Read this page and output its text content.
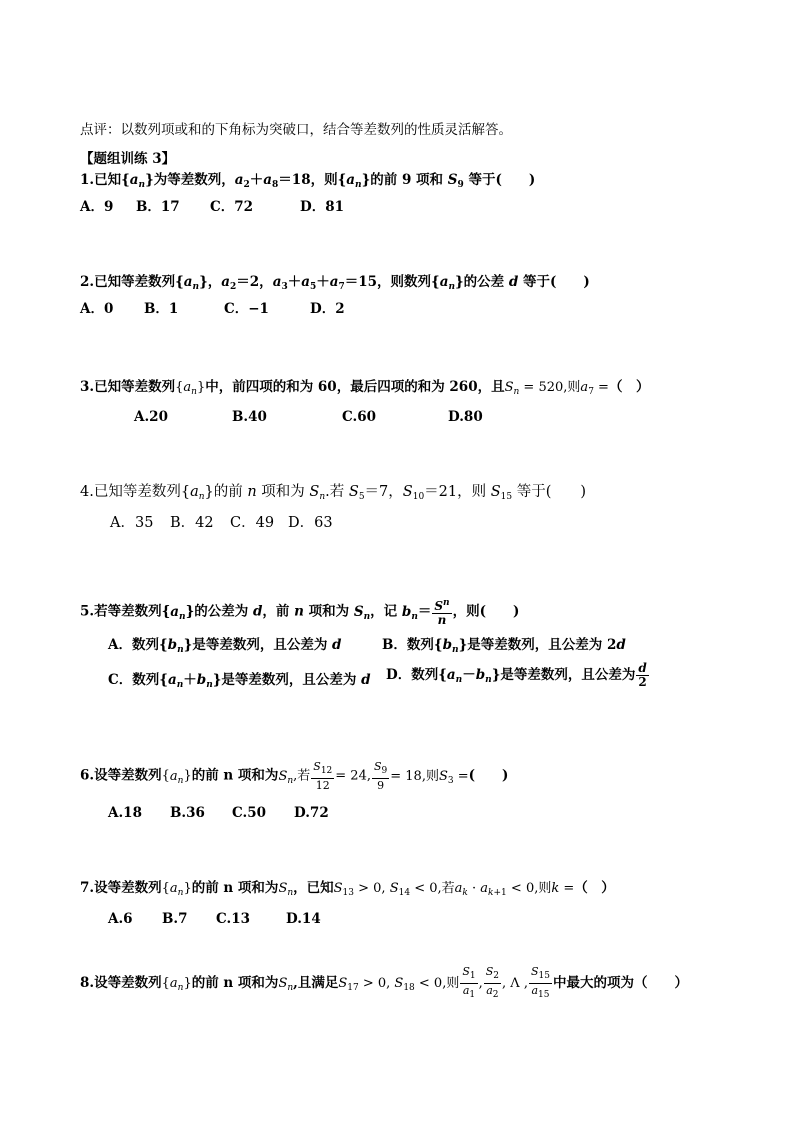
点评：以数列项或和的下角标为突破口，结合等差数列的性质灵活解答。
【题组训练 3】
1.已知$\{a_n\}$为等差数列，$a_2+a_8=18$，则$\{a_n\}$的前 9 项和 $S_9$ 等于(　　)
A．9 B．17 C．72	D．81
2.已知等差数列$\{a_n\}$，$a_2=2$，$a_3+a_5+a_7=15$，则数列$\{a_n\}$的公差 d 等于(　　)
A．0 B．1	C．−1	D．2
3.已知等差数列$\{a_n\}$中，前四项的和为 60，最后四项的和为 260，且$S_n = 520$,则$a_7$ =（　）
A.20	B.40	C.60	D.80
4.已知等差数列$\{a_n\}$的前 n 项和为 $S_n$.若 $S_5=7$，$S_{10}=21$，则 $S_{15}$ 等于(　　)
A．35 B．42 C．49 D．63
5.若等差数列$\{a_n\}$的公差为 d，前 n 项和为 $S_n$，记 $b_n= \frac{S^n}{n}$ ，则(　　)
A．数列$\{b_n\}$是等差数列，且公差为 d	B．数列$\{b_n\}$是等差数列，且公差为 2d
C．数列$\{a_n+b_n\}$是等差数列，且公差为 d D．数列$\{a_n-b_n\}$是等差数列，且公差为 $\frac{d}{2}$
6.设等差数列$\{a_n\}$的前 n 项和为$S_n$,若 $\frac{S_{12}}{12} = 24$, $\frac{S_9}{9} = 18$,则$S_3$ =(　　)
A.18 B.36 C.50 D.72
7.设等差数列$\{a_n\}$的前 n 项和为$S_n$，已知$S_{13} > 0$, $S_{14} < 0$,若$a_k \cdot a_{k+1} < 0$,则k =（　）
A.6 B.7 C.13	D.14
8.设等差数列$\{a_n\}$的前 n 项和为$S_n$,且满足$S_{17} > 0$, $S_{18} < 0$,则 $\frac{S_1}{a_1}$ , $\frac{S_2}{a_2}$ , Λ , $\frac{S_{15}}{a_{15}}$ 中最大的项为（　　）
